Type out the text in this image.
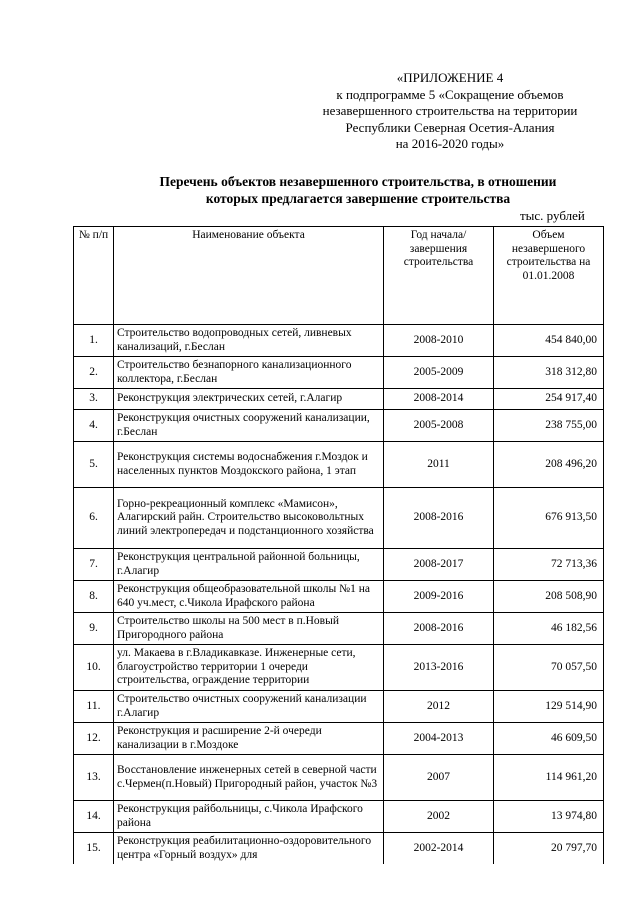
«ПРИЛОЖЕНИЕ 4
к подпрограмме 5 «Сокращение объемов
незавершенного строительства на территории
Республики Северная Осетия-Алания
на 2016-2020 годы»
Перечень объектов незавершенного строительства, в отношении
которых предлагается завершение строительства
тыс. рублей
№ п/п	Наименование объекта	Год начала/завершения строительства	Объем незавершеного строительства на 01.01.2008
1.	Строительство водопроводных сетей, ливневых канализаций, г.Беслан	2008-2010	454 840,00
2.	Строительство безнапорного канализационного коллектора, г.Беслан	2005-2009	318 312,80
3.	Реконструкция электрических сетей, г.Алагир	2008-2014	254 917,40
4.	Реконструкция очистных сооружений канализации, г.Беслан	2005-2008	238 755,00
5.	Реконструкция системы водоснабжения г.Моздок и населенных пунктов Моздокского района, 1 этап	2011	208 496,20
6.	Горно-рекреационный комплекс «Мамисон», Алагирский райн. Строительство высоковольтных линий электропередач и подстанционного хозяйства	2008-2016	676 913,50
7.	Реконструкция центральной районной больницы, г.Алагир	2008-2017	72 713,36
8.	Реконструкция общеобразовательной школы №1 на 640 уч.мест, с.Чикола Ирафского района	2009-2016	208 508,90
9.	Строительство школы на 500 мест в п.Новый Пригородного района	2008-2016	46 182,56
10.	ул. Макаева в г.Владикавказе. Инженерные сети, благоустройство территории 1 очереди строительства, ограждение территории	2013-2016	70 057,50
11.	Строительство очистных сооружений канализации г.Алагир	2012	129 514,90
12.	Реконструкция и расширение 2-й очереди канализации в г.Моздоке	2004-2013	46 609,50
13.	Восстановление инженерных сетей в северной части с.Чермен(п.Новый) Пригородный район, участок №3	2007	114 961,20
14.	Реконструкция райбольницы, с.Чикола Ирафского района	2002	13 974,80
15.	Реконструкция реабилитационно-оздоровительного центра «Горный воздух» для	2002-2014	20 797,70
